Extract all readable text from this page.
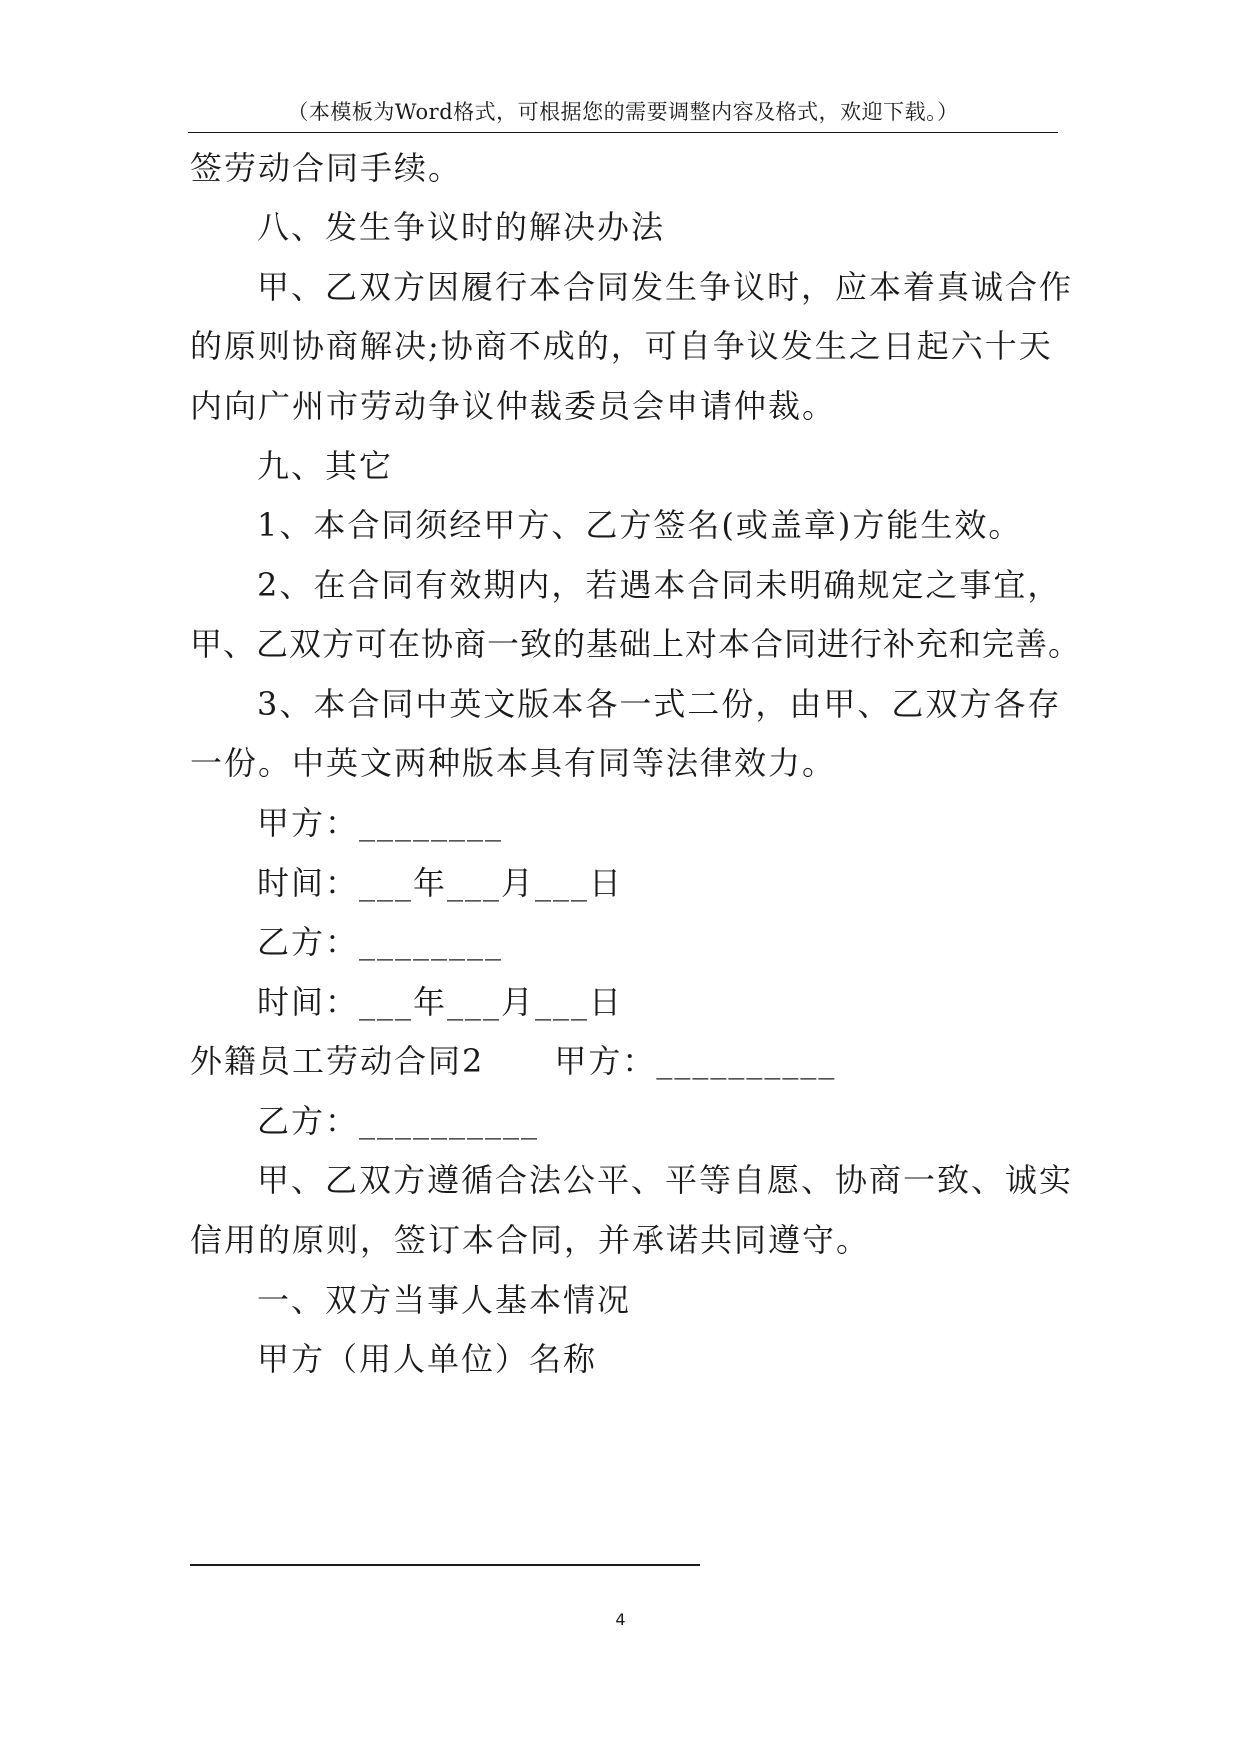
（本模板为Word格式，可根据您的需要调整内容及格式，欢迎下载。）
签劳动合同手续。
八、发生争议时的解决办法
甲、乙双方因履行本合同发生争议时，应本着真诚合作
的原则协商解决;协商不成的，可自争议发生之日起六十天
内向广州市劳动争议仲裁委员会申请仲裁。
九、其它
1、本合同须经甲方、乙方签名(或盖章)方能生效。
2、在合同有效期内，若遇本合同未明确规定之事宜，
甲、乙双方可在协商一致的基础上对本合同进行补充和完善。
3、本合同中英文版本各一式二份，由甲、乙双方各存
一份。中英文两种版本具有同等法律效力。
甲方：________
时间：___年___月___日
乙方：________
时间：___年___月___日
外籍员工劳动合同2 甲方：__________
乙方：__________
甲、乙双方遵循合法公平、平等自愿、协商一致、诚实
信用的原则，签订本合同，并承诺共同遵守。
一、双方当事人基本情况
甲方（用人单位）名称
4
